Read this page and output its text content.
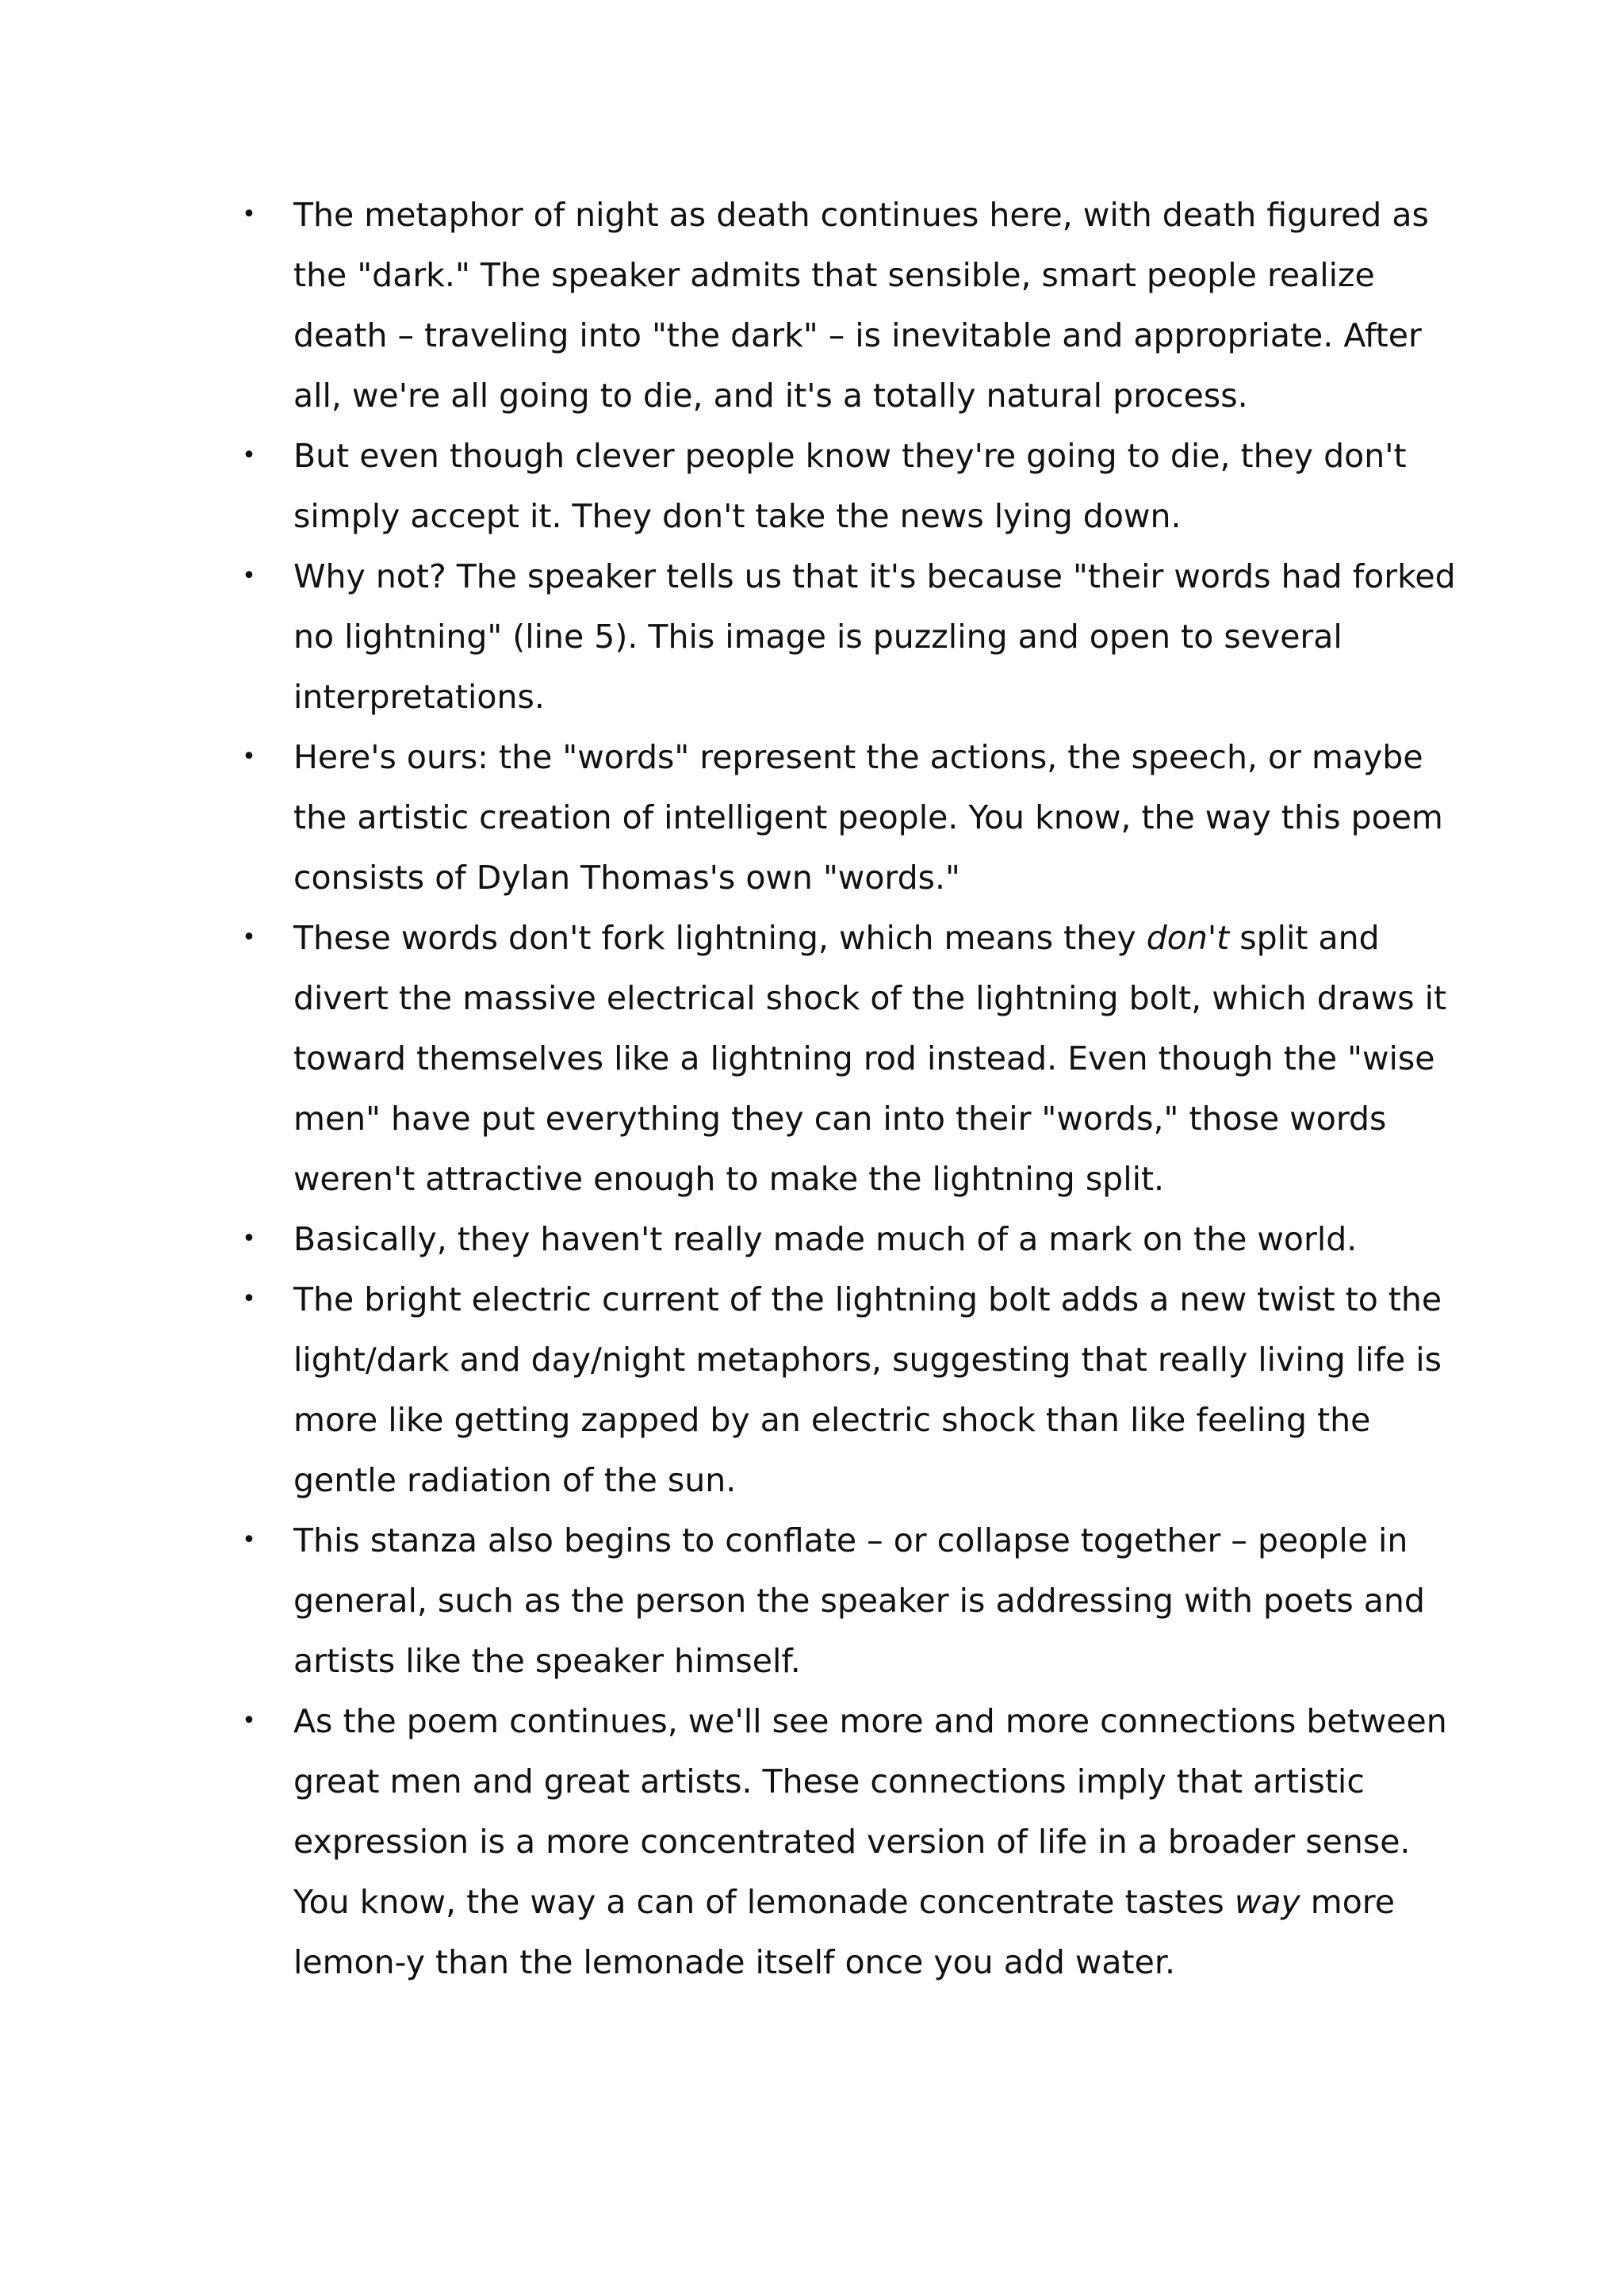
• The metaphor of night as death continues here, with death figured as the "dark." The speaker admits that sensible, smart people realize death – traveling into "the dark" – is inevitable and appropriate. After all, we're all going to die, and it's a totally natural process.
• But even though clever people know they're going to die, they don't simply accept it. They don't take the news lying down.
• Why not? The speaker tells us that it's because "their words had forked no lightning" (line 5). This image is puzzling and open to several interpretations.
• Here's ours: the "words" represent the actions, the speech, or maybe the artistic creation of intelligent people. You know, the way this poem consists of Dylan Thomas's own "words."
• These words don't fork lightning, which means they don't split and divert the massive electrical shock of the lightning bolt, which draws it toward themselves like a lightning rod instead. Even though the "wise men" have put everything they can into their "words," those words weren't attractive enough to make the lightning split.
• Basically, they haven't really made much of a mark on the world.
• The bright electric current of the lightning bolt adds a new twist to the light/dark and day/night metaphors, suggesting that really living life is more like getting zapped by an electric shock than like feeling the gentle radiation of the sun.
• This stanza also begins to conflate – or collapse together – people in general, such as the person the speaker is addressing with poets and artists like the speaker himself.
• As the poem continues, we'll see more and more connections between great men and great artists. These connections imply that artistic expression is a more concentrated version of life in a broader sense. You know, the way a can of lemonade concentrate tastes way more lemon-y than the lemonade itself once you add water.
